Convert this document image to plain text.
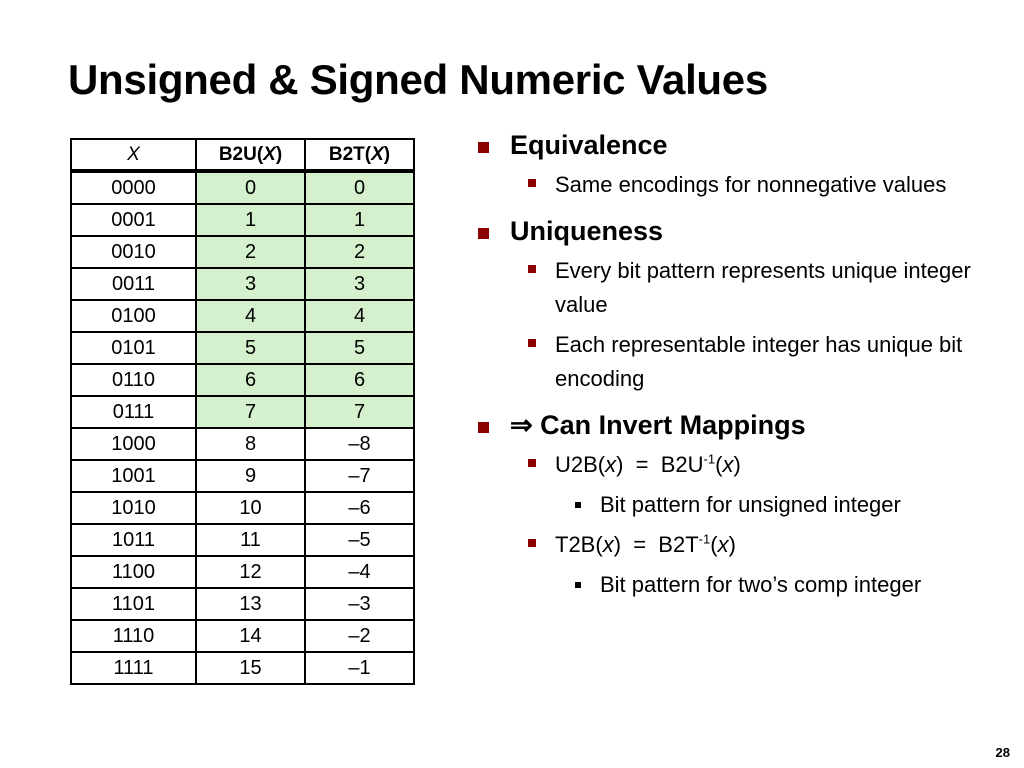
Unsigned & Signed Numeric Values
X	B2U(X)	B2T(X)
0000	0	0
0001	1	1
0010	2	2
0011	3	3
0100	4	4
0101	5	5
0110	6	6
0111	7	7
1000	8	–8
1001	9	–7
1010	10	–6
1011	11	–5
1100	12	–4
1101	13	–3
1110	14	–2
1111	15	–1
Equivalence
Same encodings for nonnegative values
Uniqueness
Every bit pattern represents unique integer value
Each representable integer has unique bit encoding
⇒ Can Invert Mappings
$U2B(x) = B2U^{-1}(x)$
Bit pattern for unsigned integer
$T2B(x) = B2T^{-1}(x)$
Bit pattern for two’s comp integer
28
